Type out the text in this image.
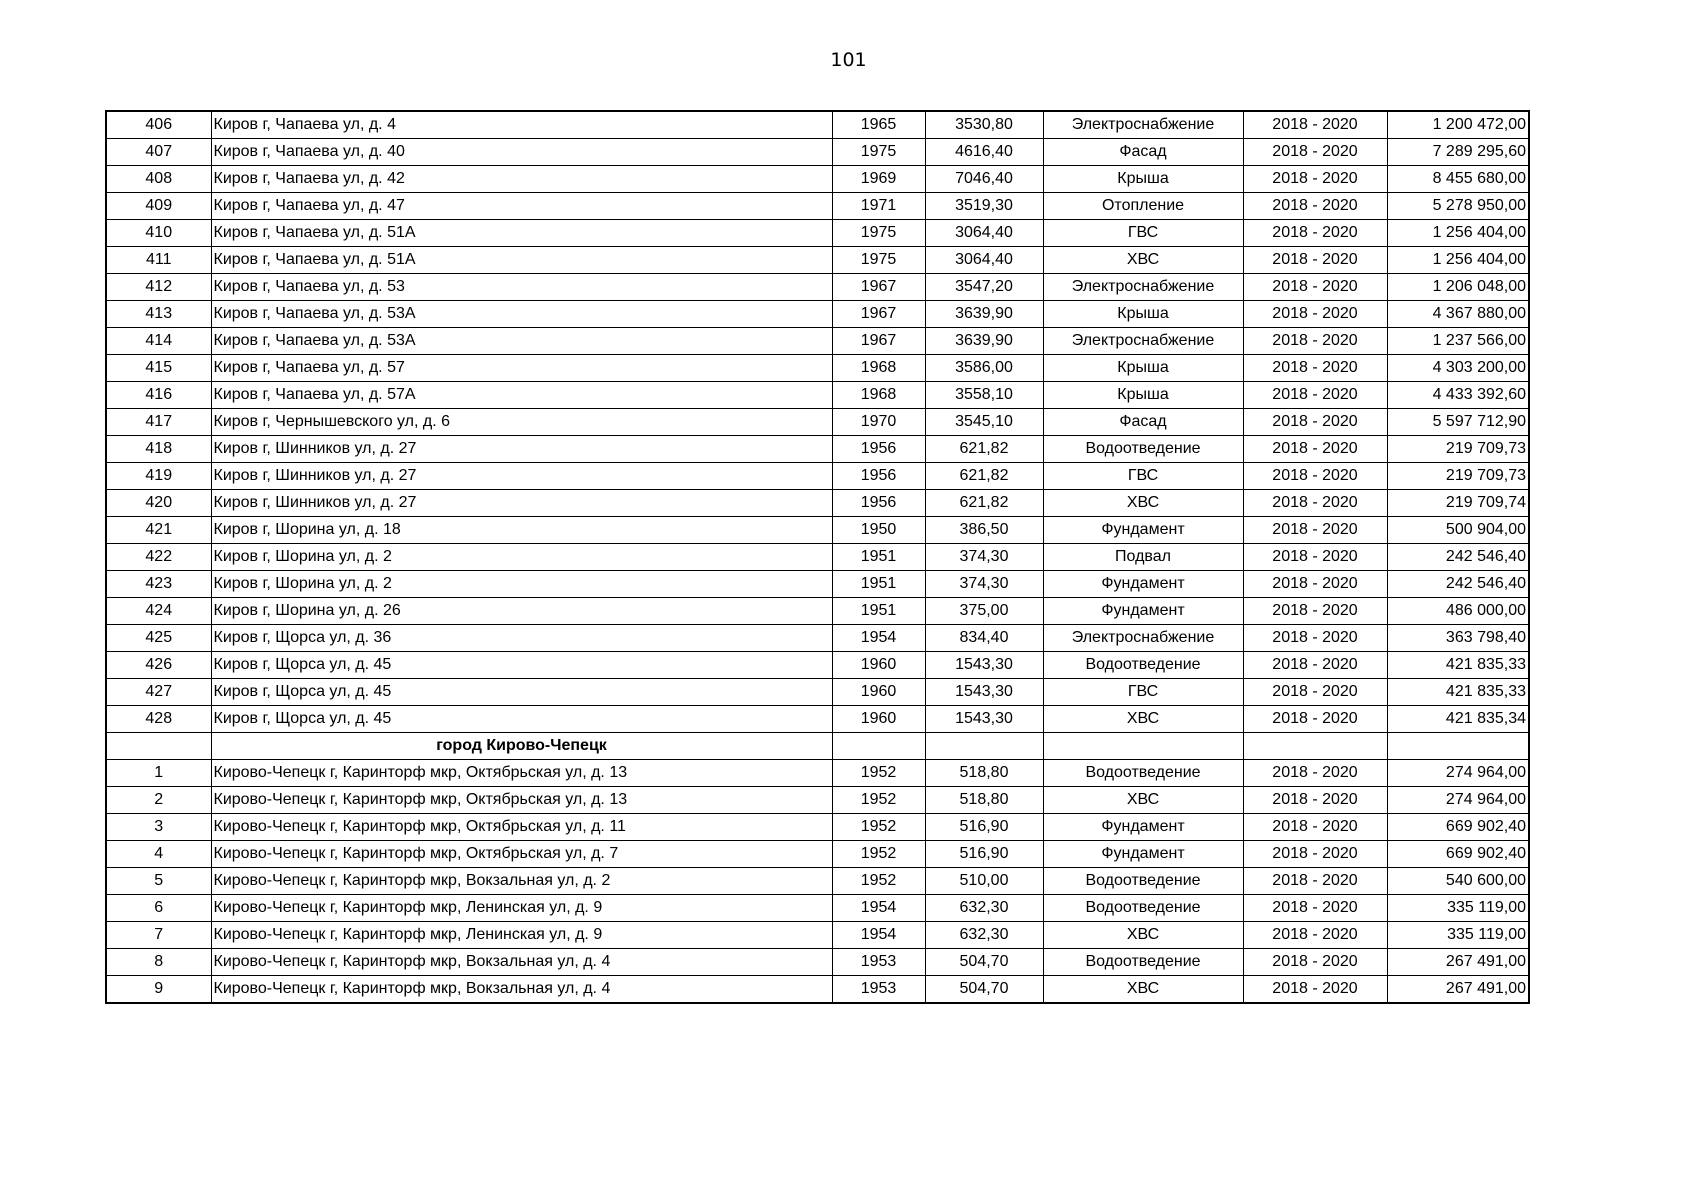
101
406	Киров г, Чапаева ул, д. 4	1965	3530,80	Электроснабжение	2018 - 2020	1 200 472,00
407	Киров г, Чапаева ул, д. 40	1975	4616,40	Фасад	2018 - 2020	7 289 295,60
408	Киров г, Чапаева ул, д. 42	1969	7046,40	Крыша	2018 - 2020	8 455 680,00
409	Киров г, Чапаева ул, д. 47	1971	3519,30	Отопление	2018 - 2020	5 278 950,00
410	Киров г, Чапаева ул, д. 51А	1975	3064,40	ГВС	2018 - 2020	1 256 404,00
411	Киров г, Чапаева ул, д. 51А	1975	3064,40	ХВС	2018 - 2020	1 256 404,00
412	Киров г, Чапаева ул, д. 53	1967	3547,20	Электроснабжение	2018 - 2020	1 206 048,00
413	Киров г, Чапаева ул, д. 53А	1967	3639,90	Крыша	2018 - 2020	4 367 880,00
414	Киров г, Чапаева ул, д. 53А	1967	3639,90	Электроснабжение	2018 - 2020	1 237 566,00
415	Киров г, Чапаева ул, д. 57	1968	3586,00	Крыша	2018 - 2020	4 303 200,00
416	Киров г, Чапаева ул, д. 57А	1968	3558,10	Крыша	2018 - 2020	4 433 392,60
417	Киров г, Чернышевского ул, д. 6	1970	3545,10	Фасад	2018 - 2020	5 597 712,90
418	Киров г, Шинников ул, д. 27	1956	621,82	Водоотведение	2018 - 2020	219 709,73
419	Киров г, Шинников ул, д. 27	1956	621,82	ГВС	2018 - 2020	219 709,73
420	Киров г, Шинников ул, д. 27	1956	621,82	ХВС	2018 - 2020	219 709,74
421	Киров г, Шорина ул, д. 18	1950	386,50	Фундамент	2018 - 2020	500 904,00
422	Киров г, Шорина ул, д. 2	1951	374,30	Подвал	2018 - 2020	242 546,40
423	Киров г, Шорина ул, д. 2	1951	374,30	Фундамент	2018 - 2020	242 546,40
424	Киров г, Шорина ул, д. 26	1951	375,00	Фундамент	2018 - 2020	486 000,00
425	Киров г, Щорса ул, д. 36	1954	834,40	Электроснабжение	2018 - 2020	363 798,40
426	Киров г, Щорса ул, д. 45	1960	1543,30	Водоотведение	2018 - 2020	421 835,33
427	Киров г, Щорса ул, д. 45	1960	1543,30	ГВС	2018 - 2020	421 835,33
428	Киров г, Щорса ул, д. 45	1960	1543,30	ХВС	2018 - 2020	421 835,34
	город Кирово-Чепецк					
1	Кирово-Чепецк г, Каринторф мкр, Октябрьская ул, д. 13	1952	518,80	Водоотведение	2018 - 2020	274 964,00
2	Кирово-Чепецк г, Каринторф мкр, Октябрьская ул, д. 13	1952	518,80	ХВС	2018 - 2020	274 964,00
3	Кирово-Чепецк г, Каринторф мкр, Октябрьская ул, д. 11	1952	516,90	Фундамент	2018 - 2020	669 902,40
4	Кирово-Чепецк г, Каринторф мкр, Октябрьская ул, д. 7	1952	516,90	Фундамент	2018 - 2020	669 902,40
5	Кирово-Чепецк г, Каринторф мкр, Вокзальная ул, д. 2	1952	510,00	Водоотведение	2018 - 2020	540 600,00
6	Кирово-Чепецк г, Каринторф мкр, Ленинская ул, д. 9	1954	632,30	Водоотведение	2018 - 2020	335 119,00
7	Кирово-Чепецк г, Каринторф мкр, Ленинская ул, д. 9	1954	632,30	ХВС	2018 - 2020	335 119,00
8	Кирово-Чепецк г, Каринторф мкр, Вокзальная ул, д. 4	1953	504,70	Водоотведение	2018 - 2020	267 491,00
9	Кирово-Чепецк г, Каринторф мкр, Вокзальная ул, д. 4	1953	504,70	ХВС	2018 - 2020	267 491,00
